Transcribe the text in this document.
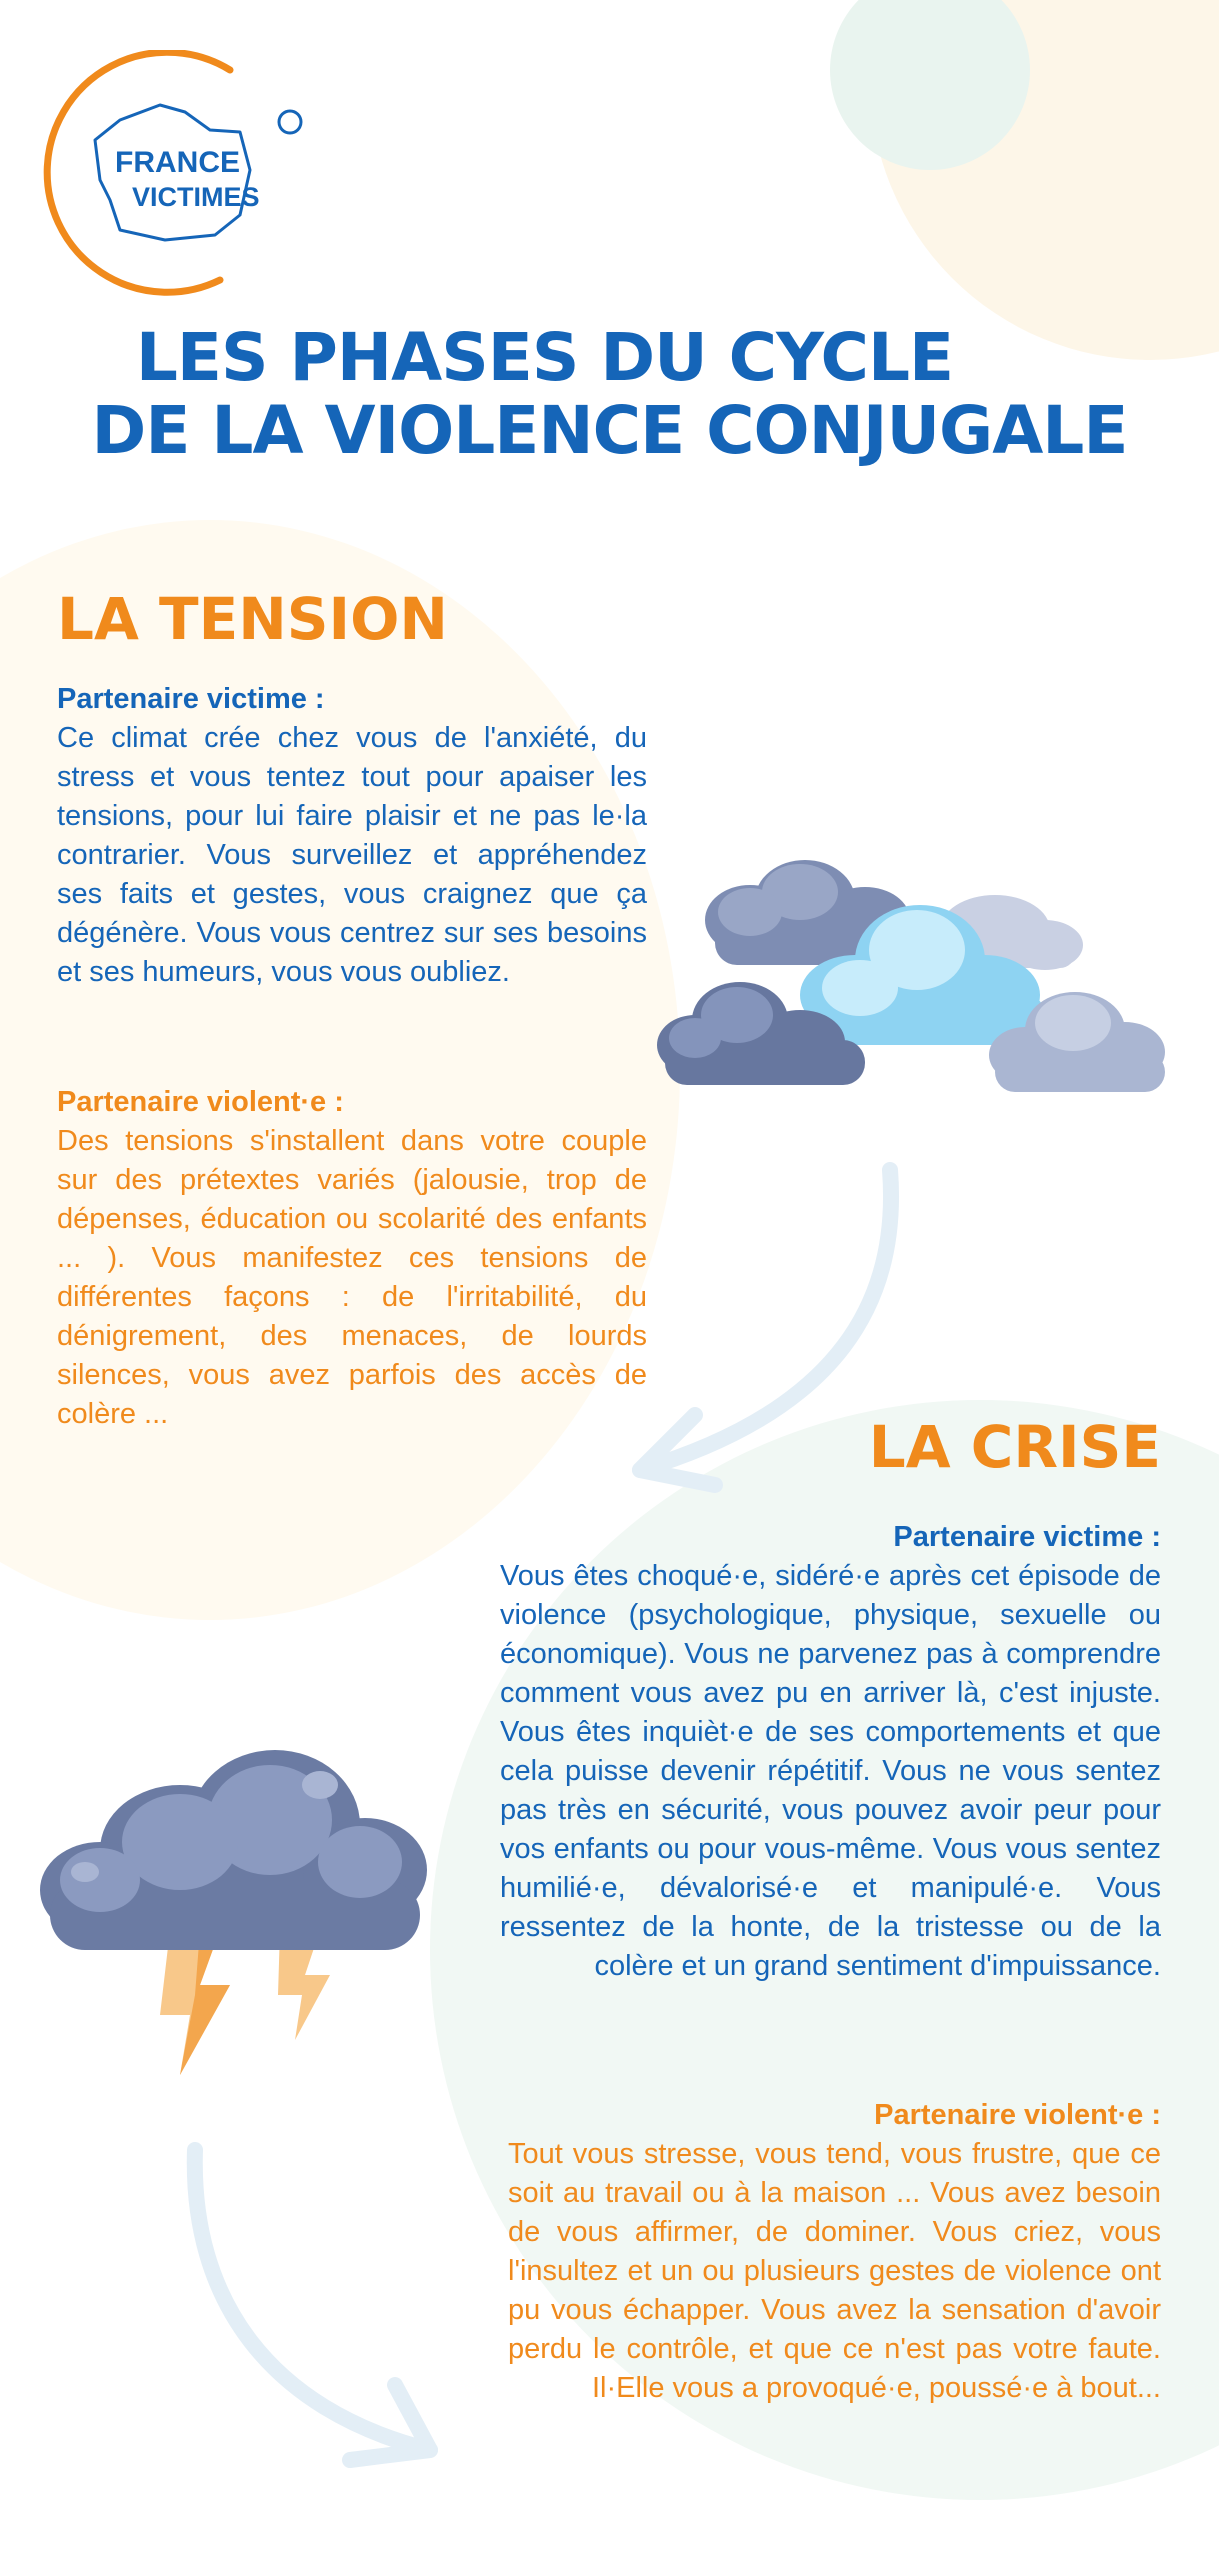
FRANCE
VICTIMES
LES PHASES DU CYCLE
DE LA VIOLENCE CONJUGALE
LA TENSION

Partenaire victime :
Ce climat crée chez vous de l'anxiété, du stress et vous tentez tout pour apaiser les tensions, pour lui faire plaisir et ne pas le·la contrarier. Vous surveillez et appréhendez ses faits et gestes, vous craignez que ça dégénère. Vous vous centrez sur ses besoins et ses humeurs, vous vous oubliez.

Partenaire violent·e :
Des tensions s'installent dans votre couple sur des prétextes variés (jalousie, trop de dépenses, éducation ou scolarité des enfants ... ). Vous manifestez ces tensions de différentes façons : de l'irritabilité, du dénigrement, des menaces, de lourds silences, vous avez parfois des accès de colère ...	LA CRISE

Partenaire victime :
Vous êtes choqué·e, sidéré·e après cet épisode de violence (psychologique, physique, sexuelle ou économique). Vous ne parvenez pas à comprendre comment vous avez pu en arriver là, c'est injuste. Vous êtes inquièt·e de ses comportements et que cela puisse devenir répétitif. Vous ne vous sentez pas très en sécurité, vous pouvez avoir peur pour vos enfants ou pour vous-même. Vous vous sentez humilié·e, dévalorisé·e et manipulé·e. Vous ressentez de la honte, de la tristesse ou de la colère et un grand sentiment d'impuissance.

Partenaire violent·e :
Tout vous stresse, vous tend, vous frustre, que ce soit au travail ou à la maison ... Vous avez besoin de vous affirmer, de dominer. Vous criez, vous l'insultez et un ou plusieurs gestes de violence ont pu vous échapper. Vous avez la sensation d'avoir perdu le contrôle, et que ce n'est pas votre faute. Il·Elle vous a provoqué·e, poussé·e à bout...
